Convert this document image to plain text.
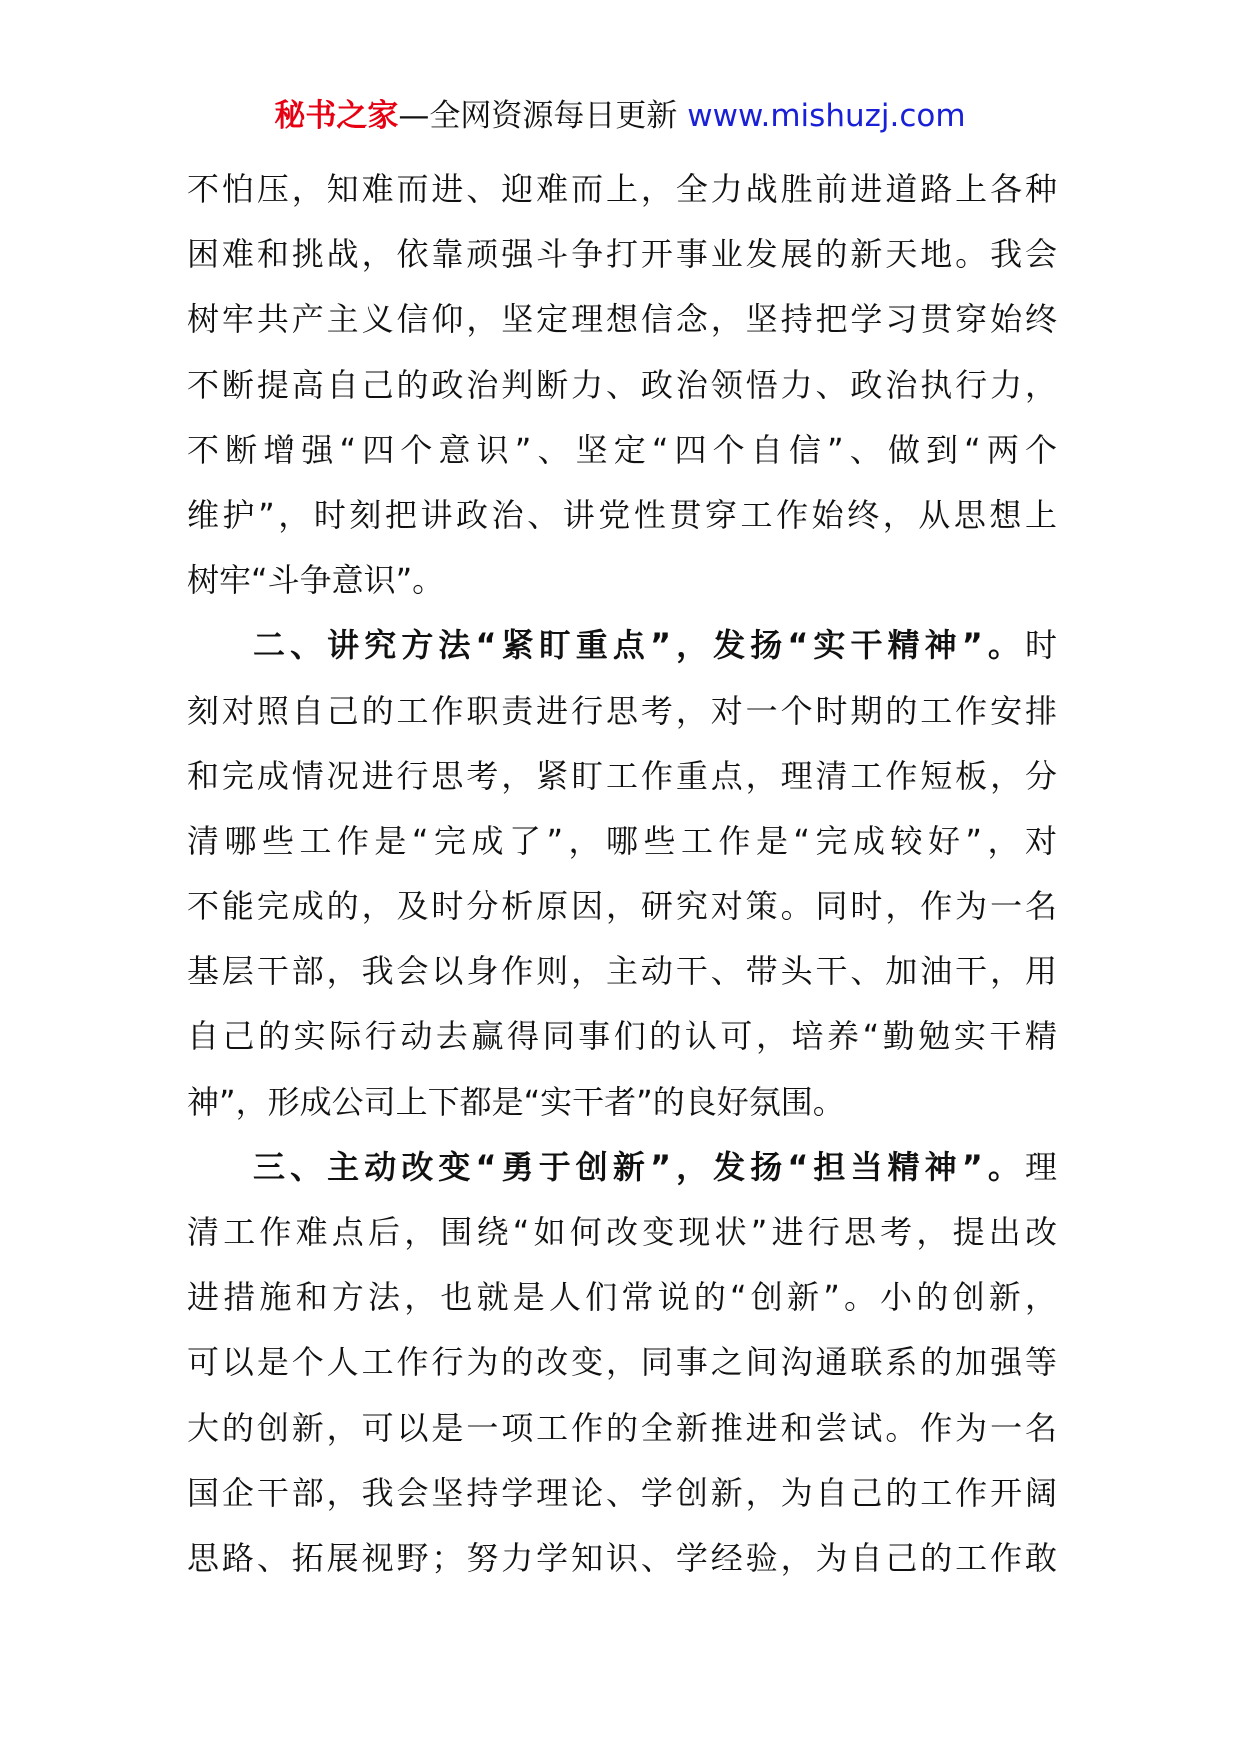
秘书之家—全网资源每日更新 www.mishuzj.com
不怕压，知难而进、迎难而上，全力战胜前进道路上各种
困难和挑战，依靠顽强斗争打开事业发展的新天地。我会
树牢共产主义信仰，坚定理想信念，坚持把学习贯穿始终
不断提高自己的政治判断力、政治领悟力、政治执行力，
不断增强“四个意识”、坚定“四个自信”、做到“两个
维护”，时刻把讲政治、讲党性贯穿工作始终，从思想上
树牢“斗争意识”。
二、讲究方法“紧盯重点”，发扬“实干精神”。时
刻对照自己的工作职责进行思考，对一个时期的工作安排
和完成情况进行思考，紧盯工作重点，理清工作短板，分
清哪些工作是“完成了”，哪些工作是“完成较好”，对
不能完成的，及时分析原因，研究对策。同时，作为一名
基层干部，我会以身作则，主动干、带头干、加油干，用
自己的实际行动去赢得同事们的认可，培养“勤勉实干精
神”，形成公司上下都是“实干者”的良好氛围。
三、主动改变“勇于创新”，发扬“担当精神”。理
清工作难点后，围绕“如何改变现状”进行思考，提出改
进措施和方法，也就是人们常说的“创新”。小的创新，
可以是个人工作行为的改变，同事之间沟通联系的加强等
大的创新，可以是一项工作的全新推进和尝试。作为一名
国企干部，我会坚持学理论、学创新，为自己的工作开阔
思路、拓展视野；努力学知识、学经验，为自己的工作敢
